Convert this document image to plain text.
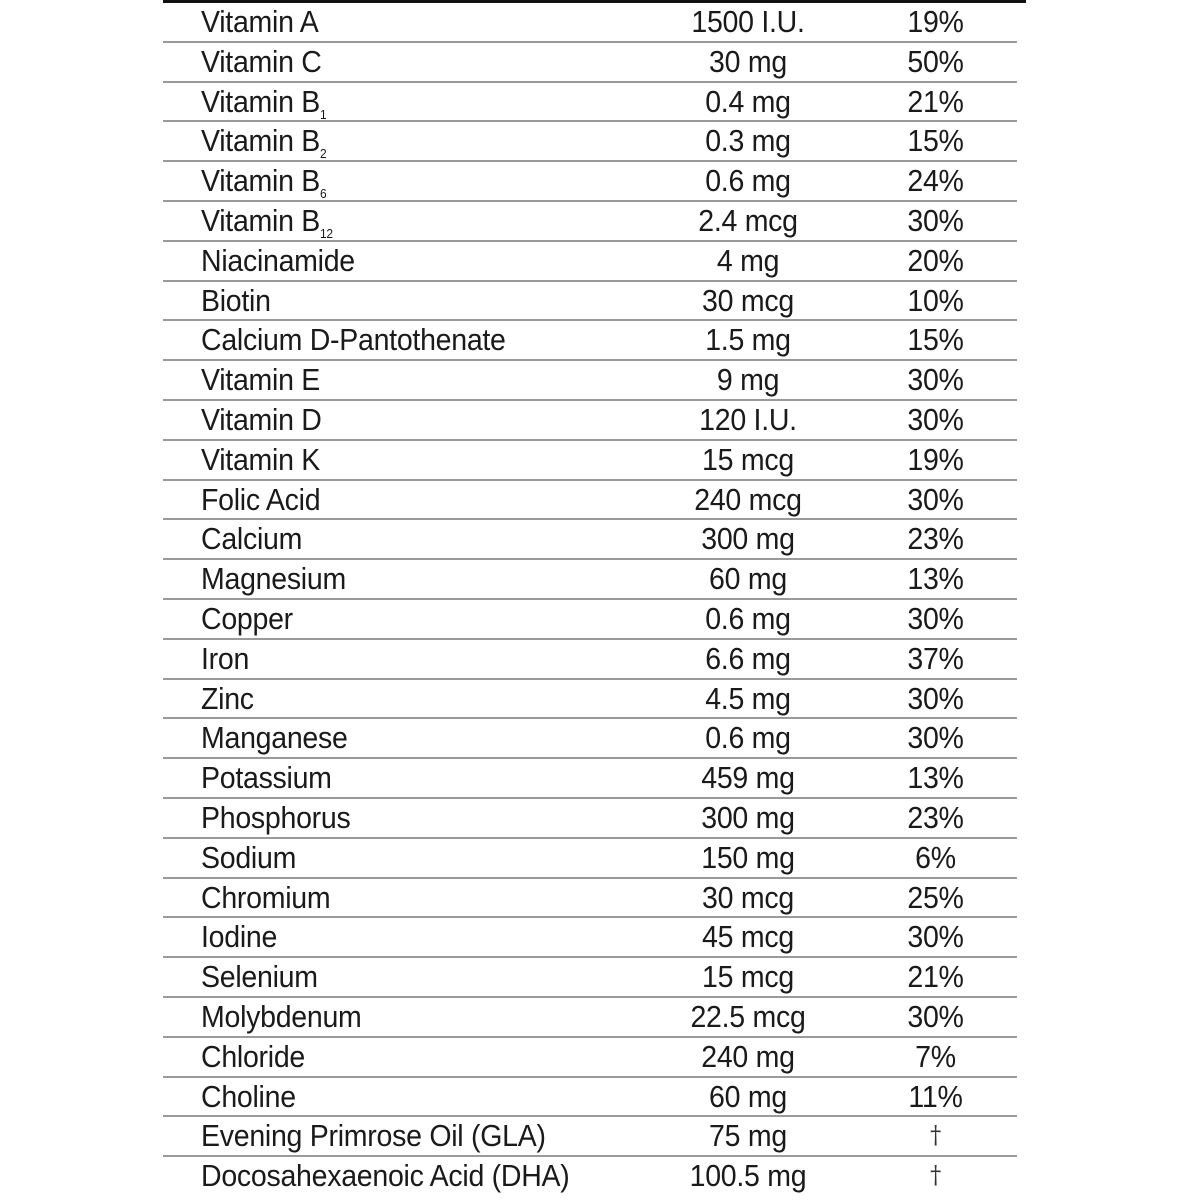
Vitamin A	1500 I.U.	19%
Vitamin C	30 mg	50%
Vitamin $B_1$	0.4 mg	21%
Vitamin $B_2$	0.3 mg	15%
Vitamin $B_6$	0.6 mg	24%
Vitamin $B_{12}$	2.4 mcg	30%
Niacinamide	4 mg	20%
Biotin	30 mcg	10%
Calcium D-Pantothenate	1.5 mg	15%
Vitamin E	9 mg	30%
Vitamin D	120 I.U.	30%
Vitamin K	15 mcg	19%
Folic Acid	240 mcg	30%
Calcium	300 mg	23%
Magnesium	60 mg	13%
Copper	0.6 mg	30%
Iron	6.6 mg	37%
Zinc	4.5 mg	30%
Manganese	0.6 mg	30%
Potassium	459 mg	13%
Phosphorus	300 mg	23%
Sodium	150 mg	6%
Chromium	30 mcg	25%
Iodine	45 mcg	30%
Selenium	15 mcg	21%
Molybdenum	22.5 mcg	30%
Chloride	240 mg	7%
Choline	60 mg	11%
Evening Primrose Oil (GLA)	75 mg	†
Docosahexaenoic Acid (DHA)	100.5 mg	†
